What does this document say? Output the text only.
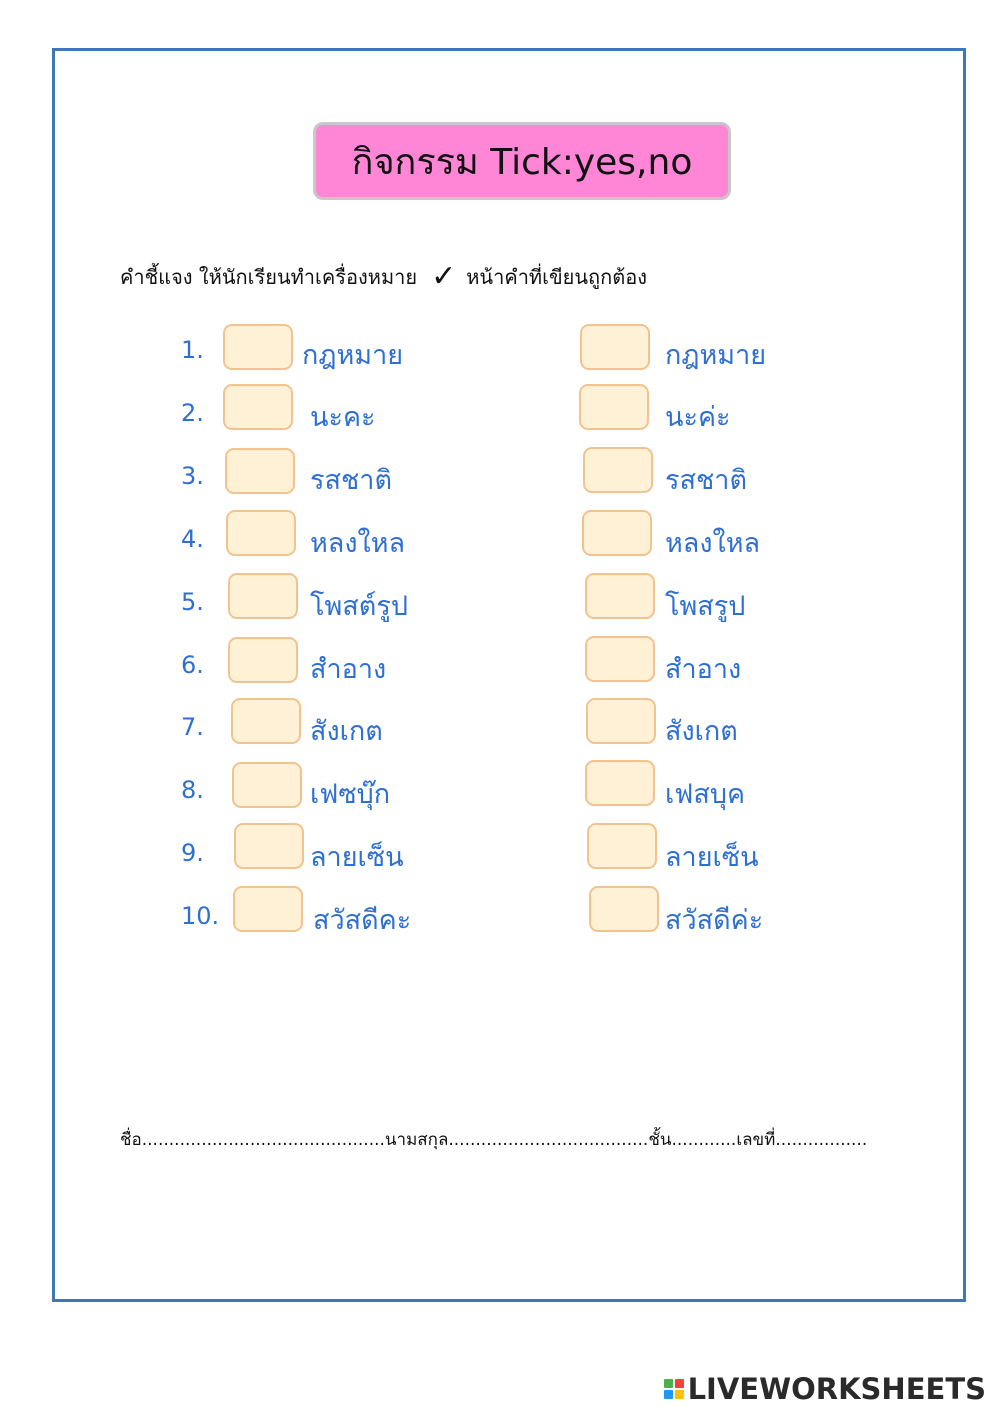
กิจกรรม Tick:yes,no
คำชี้แจง ให้นักเรียนทำเครื่องหมาย ✓ หน้าคำที่เขียนถูกต้อง
1.	กฎหมาย	กฎหมาย
2.	นะคะ	นะค่ะ
3.	รสชาติ	รสชาติ
4.	หลงใหล	หลงใหล
5.	โพสต์รูป	โพสรูป
6.	สำอาง	สำอาง
7.	สังเกต	สังเกต
8.	เฟซบุ๊ก	เฟสบุค
9.	ลายเซ็น	ลายเซ็น
10.	สวัสดีคะ	สวัสดีค่ะ
ชื่อ.............................................นามสกุล.....................................ชั้น............เลขที่.................
LIVEWORKSHEETS
